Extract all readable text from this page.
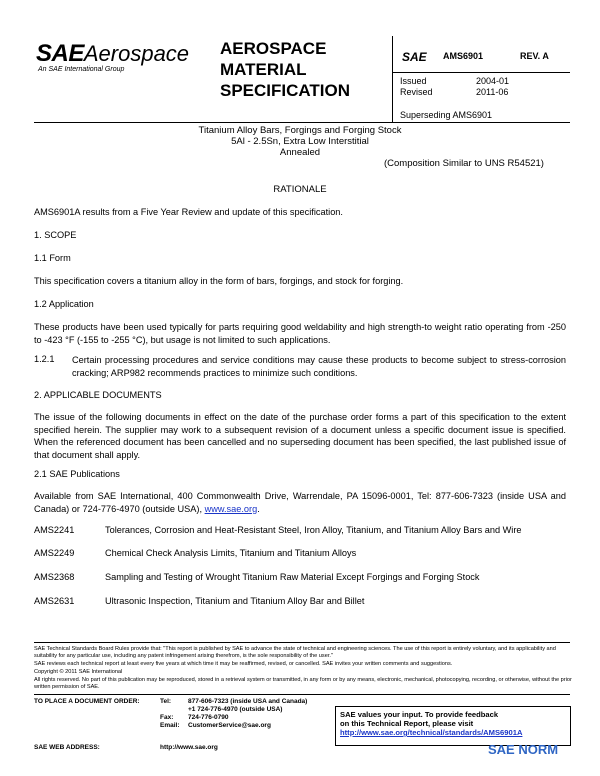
SAEAerospace
An SAE International Group
AEROSPACE
MATERIAL
SPECIFICATION
SAE AMS6901	REV. A
Issued	2004-01
Revised	2011-06
Superseding AMS6901
Titanium Alloy Bars, Forgings and Forging Stock
5Al - 2.5Sn, Extra Low Interstitial
Annealed
(Composition Similar to UNS R54521)
RATIONALE
AMS6901A results from a Five Year Review and update of this specification.
1. SCOPE
1.1 Form
This specification covers a titanium alloy in the form of bars, forgings, and stock for forging.
1.2 Application
These products have been used typically for parts requiring good weldability and high strength-to weight ratio operating from -250 to -423 °F (-155 to -255 °C), but usage is not limited to such applications.
1.2.1 Certain processing procedures and service conditions may cause these products to become subject to stress-corrosion cracking; ARP982 recommends practices to minimize such conditions.
2. APPLICABLE DOCUMENTS
The issue of the following documents in effect on the date of the purchase order forms a part of this specification to the extent specified herein. The supplier may work to a subsequent revision of a document unless a specific document issue is specified. When the referenced document has been cancelled and no superseding document has been specified, the last published issue of that document shall apply.
2.1 SAE Publications
Available from SAE International, 400 Commonwealth Drive, Warrendale, PA 15096-0001, Tel: 877-606-7323 (inside USA and Canada) or 724-776-4970 (outside USA), www.sae.org.
AMS2241	Tolerances, Corrosion and Heat-Resistant Steel, Iron Alloy, Titanium, and Titanium Alloy Bars and Wire
AMS2249	Chemical Check Analysis Limits, Titanium and Titanium Alloys
AMS2368	Sampling and Testing of Wrought Titanium Raw Material Except Forgings and Forging Stock
AMS2631	Ultrasonic Inspection, Titanium and Titanium Alloy Bar and Billet
SAE Technical Standards Board Rules provide that: "This report is published by SAE to advance the state of technical and engineering sciences. The use of this report is entirely voluntary, and its applicability and suitability for any particular use, including any patent infringement arising therefrom, is the sole responsibility of the user."
SAE reviews each technical report at least every five years at which time it may be reaffirmed, revised, or cancelled. SAE invites your written comments and suggestions.
Copyright © 2011 SAE International
All rights reserved. No part of this publication may be reproduced, stored in a retrieval system or transmitted, in any form or by any means, electronic, mechanical, photocopying, recording, or otherwise, without the prior written permission of SAE.
TO PLACE A DOCUMENT ORDER:	Tel:	877-606-7323 (inside USA and Canada)
+1 724-776-4970 (outside USA)
Fax: 724-776-0790
Email: CustomerService@sae.org
SAE WEB ADDRESS:	http://www.sae.org
SAE values your input. To provide feedback
on this Technical Report, please visit
http://www.sae.org/technical/standards/AMS6901A
SAE NORM
